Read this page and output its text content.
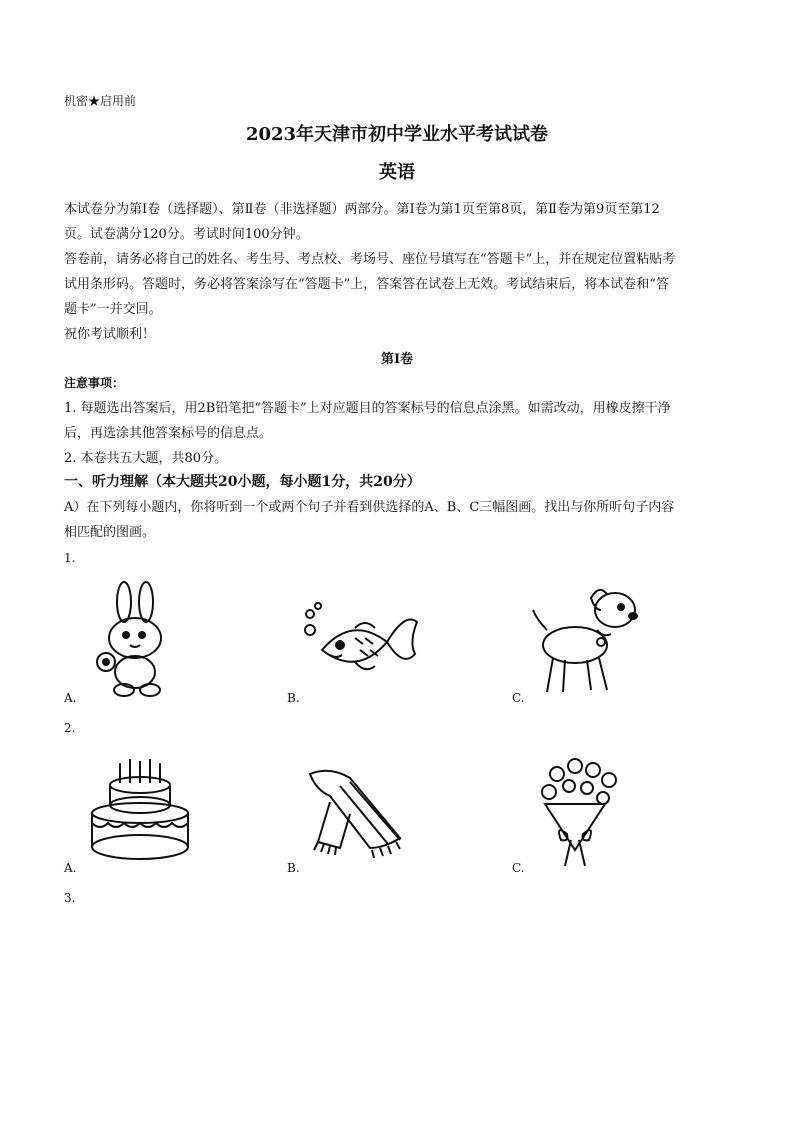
机密★启用前
2023年天津市初中学业水平考试试卷
英语
本试卷分为第Ⅰ卷（选择题）、第Ⅱ卷（非选择题）两部分。第Ⅰ卷为第1页至第8页，第Ⅱ卷为第9页至第12
页。试卷满分120分。考试时间100分钟。
答卷前，请务必将自己的姓名、考生号、考点校、考场号、座位号填写在“答题卡”上，并在规定位置粘贴考
试用条形码。答题时，务必将答案涂写在“答题卡”上，答案答在试卷上无效。考试结束后，将本试卷和“答
题卡”一并交回。
祝你考试顺利！
第Ⅰ卷
注意事项：
1. 每题选出答案后，用2B铅笔把“答题卡”上对应题目的答案标号的信息点涂黑。如需改动，用橡皮擦干净
后，再选涂其他答案标号的信息点。
2. 本卷共五大题，共80分。
一、听力理解（本大题共20小题，每小题1分，共20分）
A）在下列每小题内，你将听到一个或两个句子并看到供选择的A、B、C三幅图画。找出与你所听句子内容
相匹配的图画。
1.
A.	B.	C.
2.
A.	B.	C.
3.
